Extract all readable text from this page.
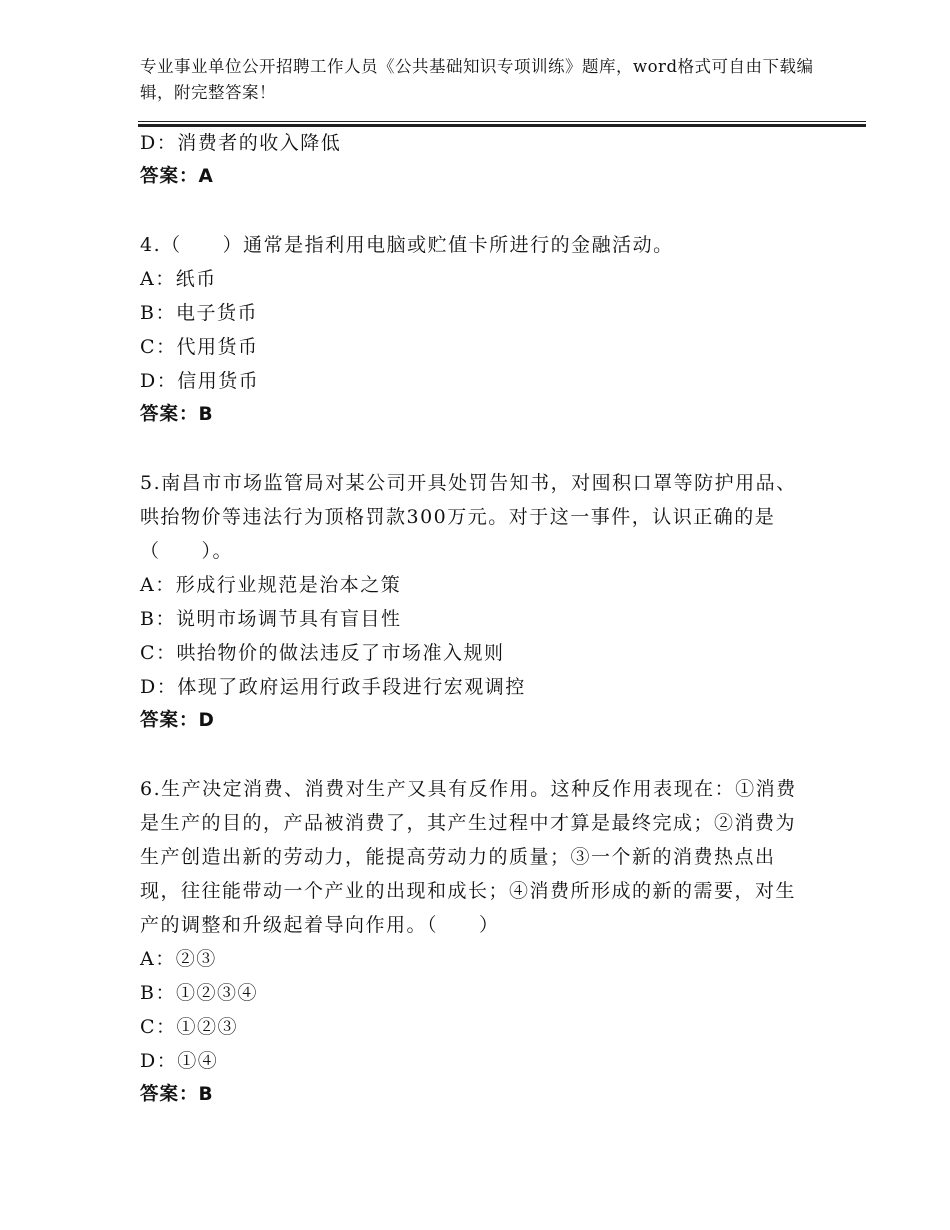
专业事业单位公开招聘工作人员《公共基础知识专项训练》题库，word格式可自由下载编辑，附完整答案！
D：消费者的收入降低
答案：A
4.（　　）通常是指利用电脑或贮值卡所进行的金融活动。
A：纸币
B：电子货币
C：代用货币
D：信用货币
答案：B
5.南昌市市场监管局对某公司开具处罚告知书，对囤积口罩等防护用品、哄抬物价等违法行为顶格罚款300万元。对于这一事件，认识正确的是（　　）。
A：形成行业规范是治本之策
B：说明市场调节具有盲目性
C：哄抬物价的做法违反了市场准入规则
D：体现了政府运用行政手段进行宏观调控
答案：D
6.生产决定消费、消费对生产又具有反作用。这种反作用表现在：①消费是生产的目的，产品被消费了，其产生过程中才算是最终完成；②消费为生产创造出新的劳动力，能提高劳动力的质量；③一个新的消费热点出现，往往能带动一个产业的出现和成长；④消费所形成的新的需要，对生产的调整和升级起着导向作用。（　　）
A：②③
B：①②③④
C：①②③
D：①④
答案：B
